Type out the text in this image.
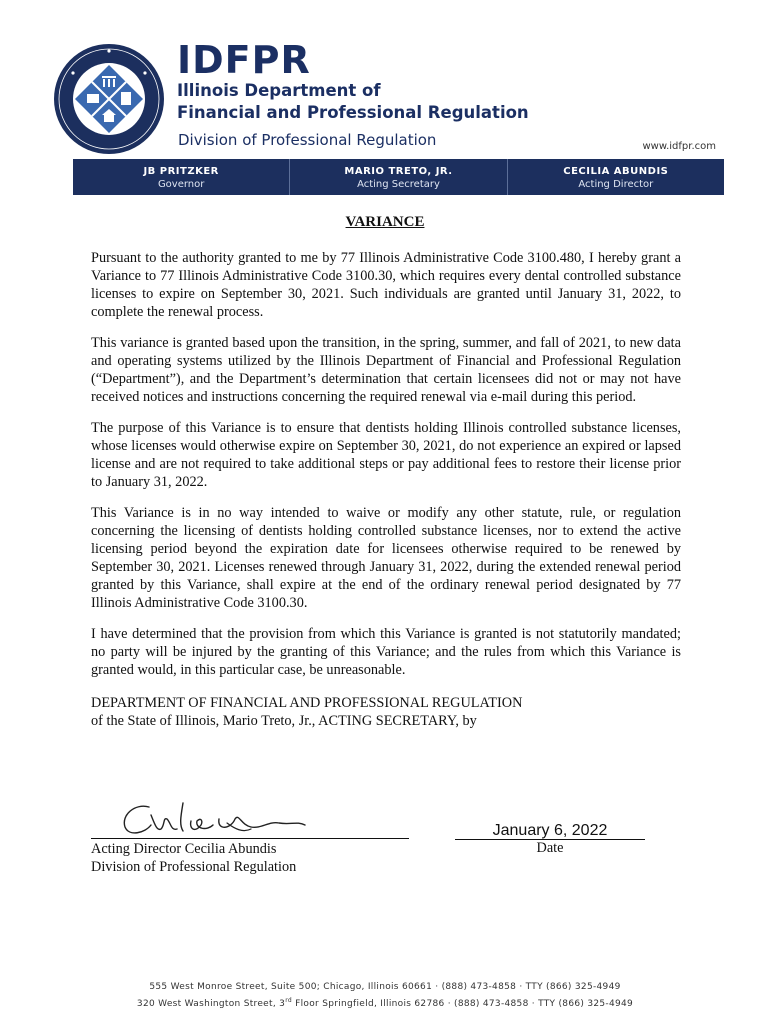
IDFPR
Illinois Department of
Financial and Professional Regulation
Division of Professional Regulation	www.idfpr.com
JB PRITZKER
Governor
MARIO TRETO, JR.
Acting Secretary
CECILIA ABUNDIS
Acting Director
VARIANCE

Pursuant to the authority granted to me by 77 Illinois Administrative Code 3100.480, I hereby grant a Variance to 77 Illinois Administrative Code 3100.30, which requires every dental controlled substance licenses to expire on September 30, 2021. Such individuals are granted until January 31, 2022, to complete the renewal process.

This variance is granted based upon the transition, in the spring, summer, and fall of 2021, to new data and operating systems utilized by the Illinois Department of Financial and Professional Regulation (“Department”), and the Department’s determination that certain licensees did not or may not have received notices and instructions concerning the required renewal via e-mail during this period.

The purpose of this Variance is to ensure that dentists holding Illinois controlled substance licenses, whose licenses would otherwise expire on September 30, 2021, do not experience an expired or lapsed license and are not required to take additional steps or pay additional fees to restore their license prior to January 31, 2022.

This Variance is in no way intended to waive or modify any other statute, rule, or regulation concerning the licensing of dentists holding controlled substance licenses, nor to extend the active licensing period beyond the expiration date for licensees otherwise required to be renewed by September 30, 2021. Licenses renewed through January 31, 2022, during the extended renewal period granted by this Variance, shall expire at the end of the ordinary renewal period designated by 77 Illinois Administrative Code 3100.30.

I have determined that the provision from which this Variance is granted is not statutorily mandated; no party will be injured by the granting of this Variance; and the rules from which this Variance is granted would, in this particular case, be unreasonable.

DEPARTMENT OF FINANCIAL AND PROFESSIONAL REGULATION
of the State of Illinois, Mario Treto, Jr., ACTING SECRETARY, by
January 6, 2022
Acting Director Cecilia Abundis
Division of Professional Regulation
Date
555 West Monroe Street, Suite 500; Chicago, Illinois 60661 · (888) 473-4858 · TTY (866) 325-4949
320 West Washington Street, 3rd Floor Springfield, Illinois 62786 · (888) 473-4858 · TTY (866) 325-4949
